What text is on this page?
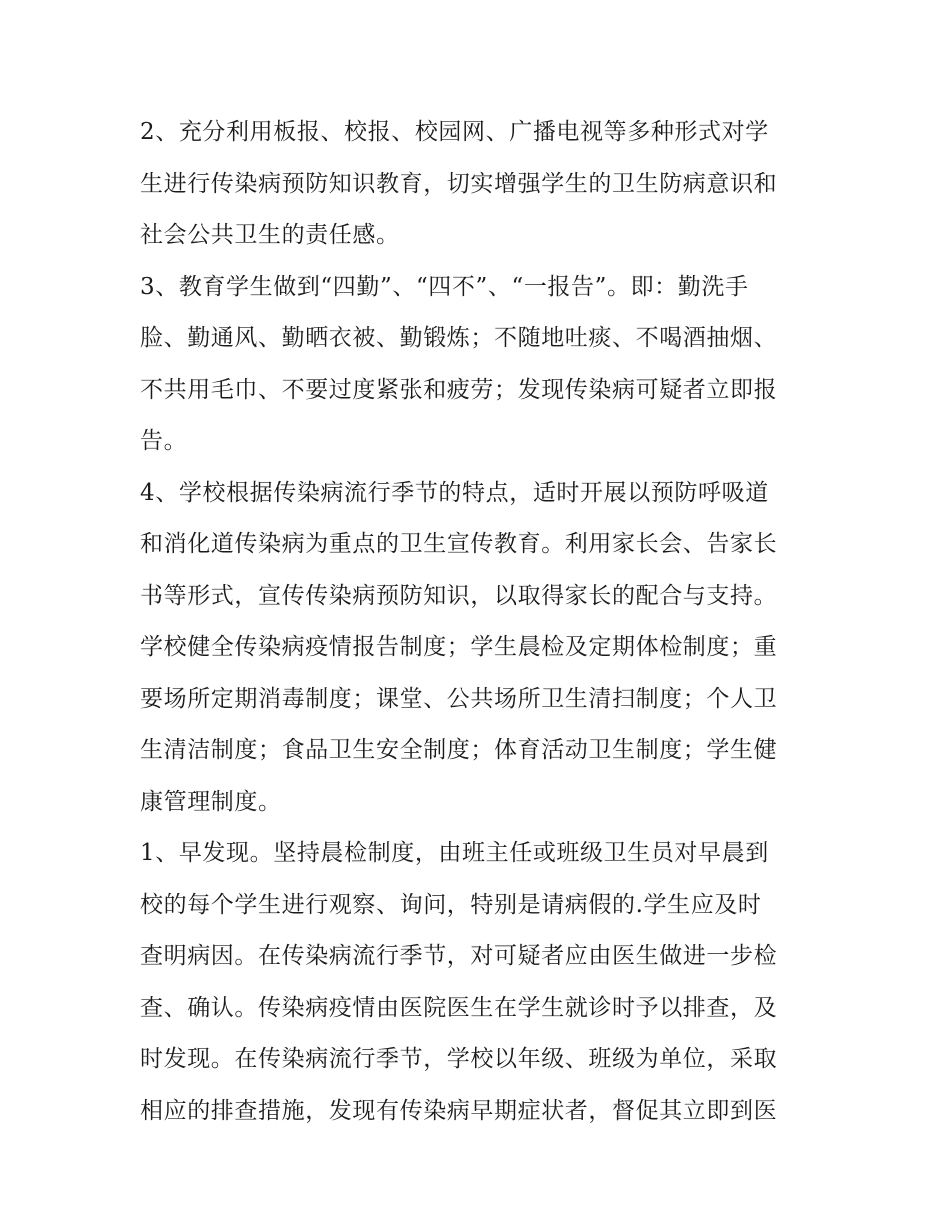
2、充分利用板报、校报、校园网、广播电视等多种形式对学
生进行传染病预防知识教育，切实增强学生的卫生防病意识和
社会公共卫生的责任感。
3、教育学生做到“四勤”、“四不”、“一报告”。即：勤洗手
脸、勤通风、勤晒衣被、勤锻炼；不随地吐痰、不喝酒抽烟、
不共用毛巾、不要过度紧张和疲劳；发现传染病可疑者立即报
告。
4、学校根据传染病流行季节的特点，适时开展以预防呼吸道
和消化道传染病为重点的卫生宣传教育。利用家长会、告家长
书等形式，宣传传染病预防知识，以取得家长的配合与支持。
学校健全传染病疫情报告制度；学生晨检及定期体检制度；重
要场所定期消毒制度；课堂、公共场所卫生清扫制度；个人卫
生清洁制度；食品卫生安全制度；体育活动卫生制度；学生健
康管理制度。
1、早发现。坚持晨检制度，由班主任或班级卫生员对早晨到
校的每个学生进行观察、询问，特别是请病假的.学生应及时
查明病因。在传染病流行季节，对可疑者应由医生做进一步检
查、确认。传染病疫情由医院医生在学生就诊时予以排查，及
时发现。在传染病流行季节，学校以年级、班级为单位，采取
相应的排查措施，发现有传染病早期症状者，督促其立即到医
